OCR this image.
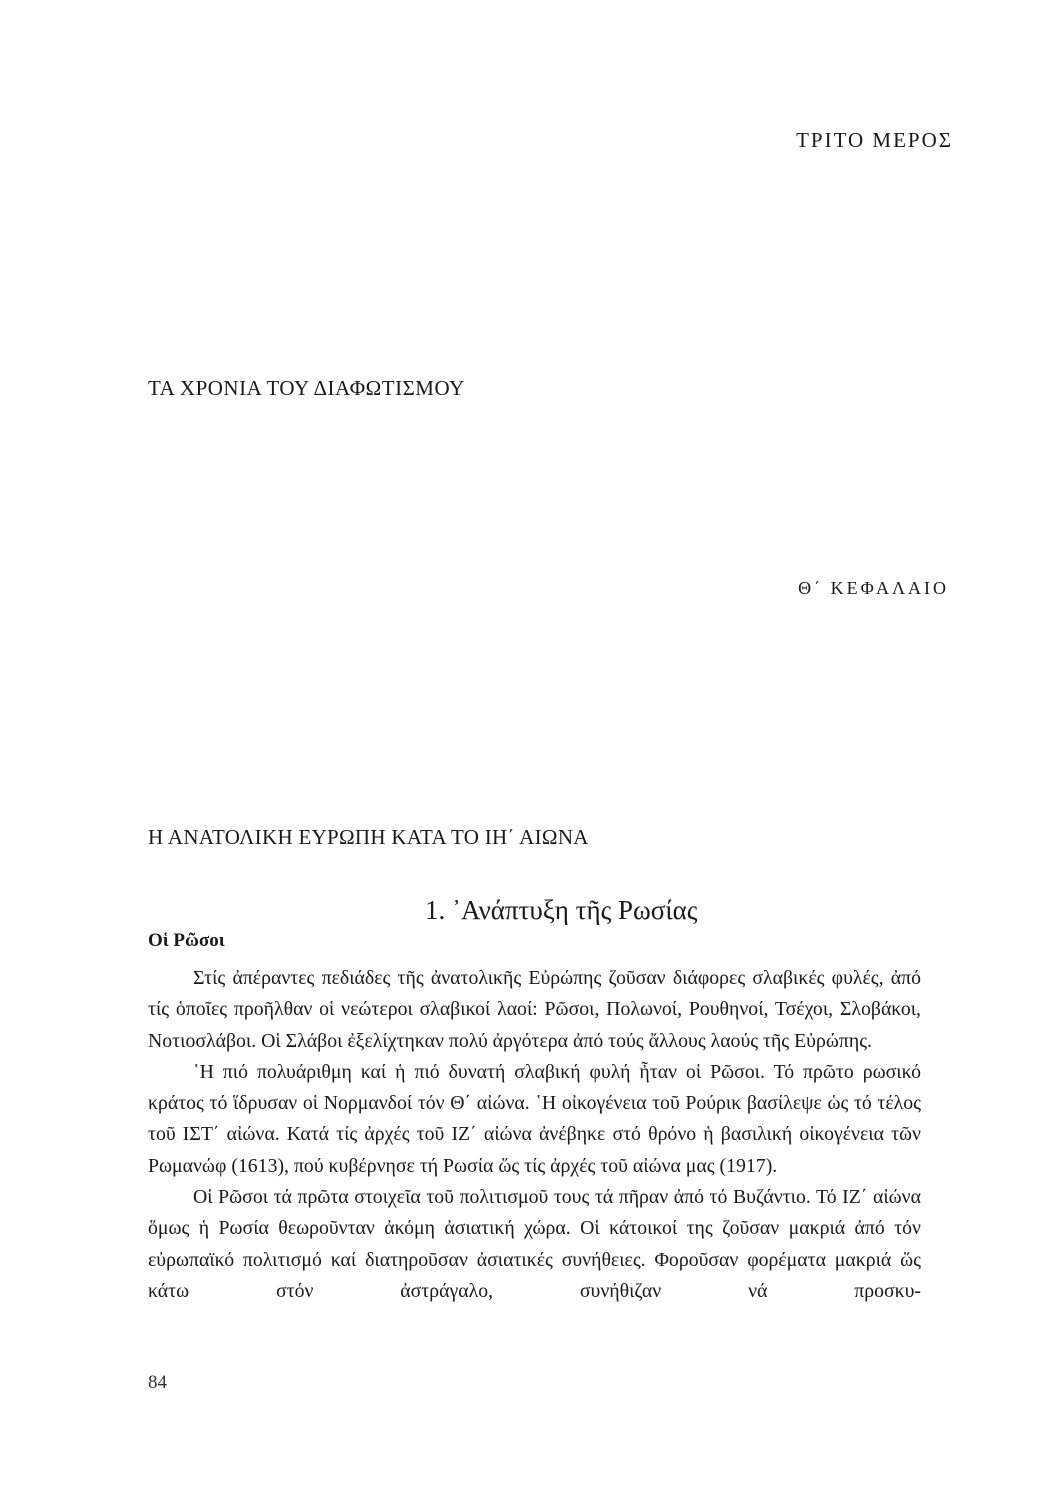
ΤΡΙΤΟ ΜΕΡΟΣ
ΤΑ ΧΡΟΝΙΑ ΤΟΥ ΔΙΑΦΩΤΙΣΜΟΥ
Θ΄ ΚΕΦΑΛΑΙΟ
Η ΑΝΑΤΟΛΙΚΗ ΕΥΡΩΠΗ ΚΑΤΑ ΤΟ ΙΗ΄ ΑΙΩΝΑ
1. ᾿Ανάπτυξη τῆς Ρωσίας
Οἱ Ρῶσοι

Στίς ἀπέραντες πεδιάδες τῆς ἀνατολικῆς Εὐρώπης ζοῦσαν διάφορες σλαβικές φυλές, ἀπό τίς ὁποῖες προῆλθαν οἱ νεώτεροι σλαβικοί λαοί: Ρῶσοι, Πολωνοί, Ρουθηνοί, Τσέχοι, Σλοβάκοι, Νοτιοσλάβοι. Οἱ Σλάβοι ἐξελίχτηκαν πολύ ἀργότερα ἀπό τούς ἄλλους λαούς τῆς Εὐρώπης.

῾Η πιό πολυάριθμη καί ἡ πιό δυνατή σλαβική φυλή ἦταν οἱ Ρῶσοι. Τό πρῶτο ρωσικό κράτος τό ἵδρυσαν οἱ Νορμανδοί τόν Θ΄ αἰώνα. ῾Η οἰκογένεια τοῦ Ρούρικ βασίλεψε ὡς τό τέλος τοῦ ΙΣΤ΄ αἰώνα. Κατά τίς ἀρχές τοῦ ΙΖ΄ αἰώνα ἀνέβηκε στό θρόνο ἡ βασιλική οἰκογένεια τῶν Ρωμανώφ (1613), πού κυβέρνησε τή Ρωσία ὥς τίς ἀρχές τοῦ αἰώνα μας (1917).

Οἱ Ρῶσοι τά πρῶτα στοιχεῖα τοῦ πολιτισμοῦ τους τά πῆραν ἀπό τό Βυζάντιο. Τό ΙΖ΄ αἰώνα ὅμως ἡ Ρωσία θεωροῦνταν ἀκόμη ἀσιατική χώρα. Οἱ κάτοικοί της ζοῦσαν μακριά ἀπό τόν εὐρωπαϊκό πολιτισμό καί διατηροῦσαν ἀσιατικές συνήθειες. Φοροῦσαν φορέματα μακριά ὥς κάτω στόν ἀστράγαλο, συνήθιζαν νά προσκυ-

84
